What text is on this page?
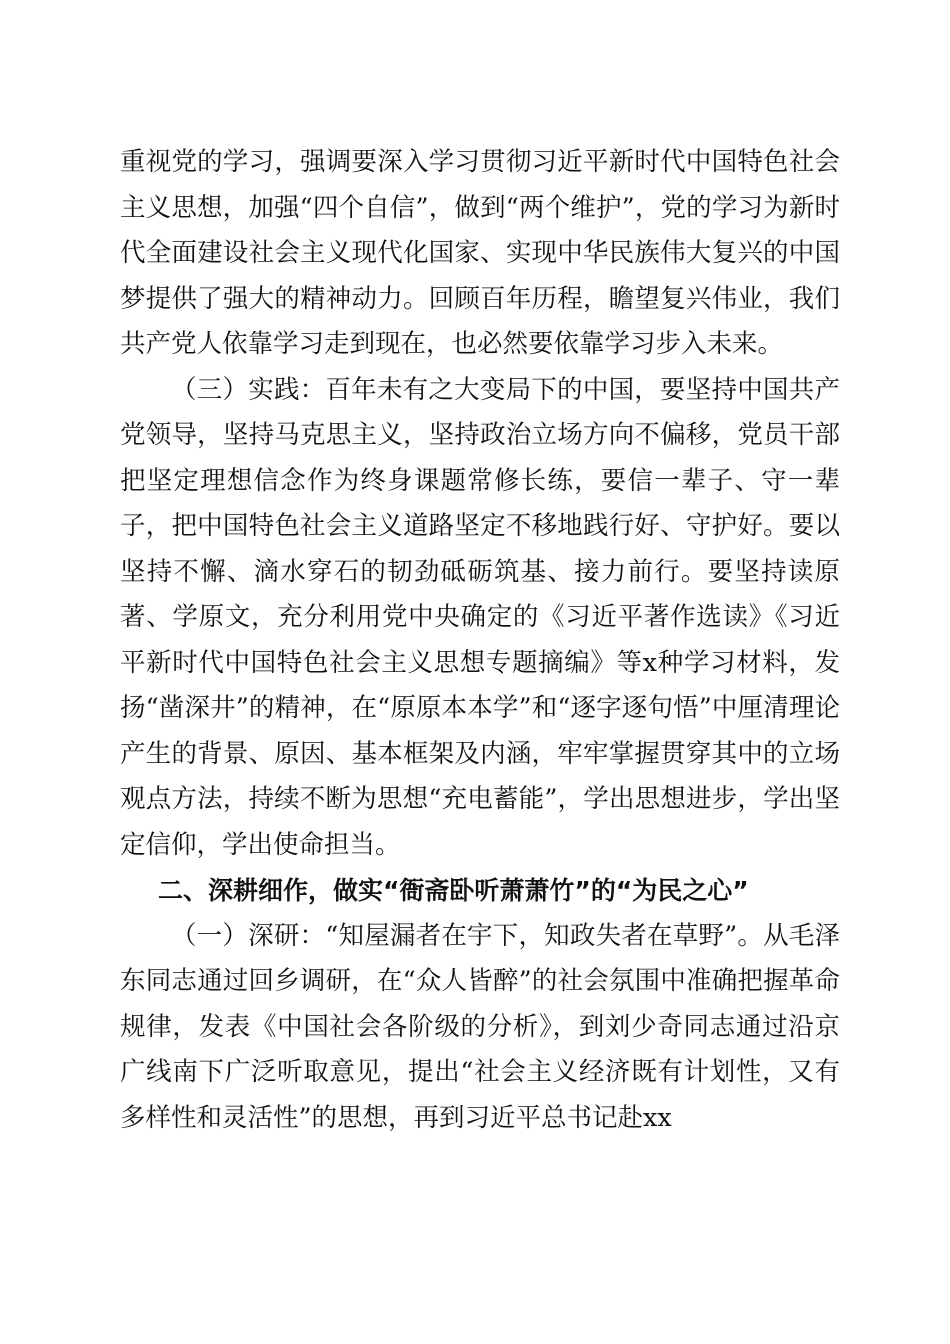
重视党的学习，强调要深入学习贯彻习近平新时代中国特色社会主义思想，加强“四个自信”，做到“两个维护”，党的学习为新时代全面建设社会主义现代化国家、实现中华民族伟大复兴的中国梦提供了强大的精神动力。回顾百年历程，瞻望复兴伟业，我们共产党人依靠学习走到现在，也必然要依靠学习步入未来。

（三）实践：百年未有之大变局下的中国，要坚持中国共产党领导，坚持马克思主义，坚持政治立场方向不偏移，党员干部把坚定理想信念作为终身课题常修长练，要信一辈子、守一辈子，把中国特色社会主义道路坚定不移地践行好、守护好。要以坚持不懈、滴水穿石的韧劲砥砺筑基、接力前行。要坚持读原著、学原文，充分利用党中央确定的《习近平著作选读》《习近平新时代中国特色社会主义思想专题摘编》等x种学习材料，发扬“凿深井”的精神，在“原原本本学”和“逐字逐句悟”中厘清理论产生的背景、原因、基本框架及内涵，牢牢掌握贯穿其中的立场观点方法，持续不断为思想“充电蓄能”，学出思想进步，学出坚定信仰，学出使命担当。

二、深耕细作，做实“衙斋卧听萧萧竹”的“为民之心”

（一）深研：“知屋漏者在宇下，知政失者在草野”。从毛泽东同志通过回乡调研，在“众人皆醉”的社会氛围中准确把握革命规律，发表《中国社会各阶级的分析》，到刘少奇同志通过沿京广线南下广泛听取意见，提出“社会主义经济既有计划性，又有多样性和灵活性”的思想，再到习近平总书记赴xx
